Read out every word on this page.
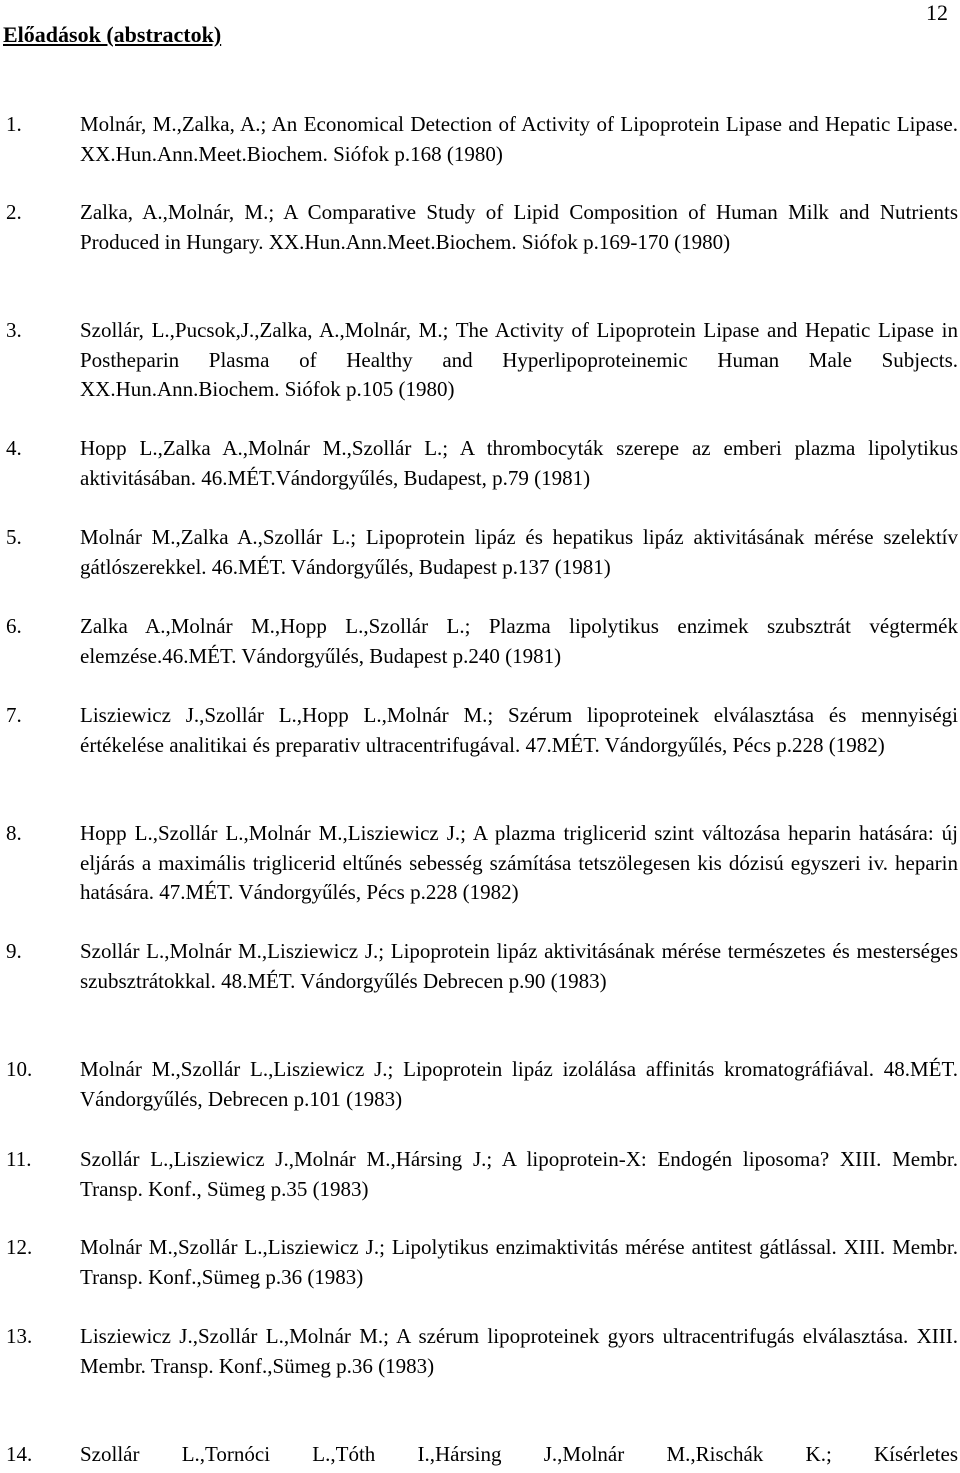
12
Előadások (abstractok)
1.	Molnár, M.,Zalka, A.; An Economical Detection of Activity of Lipoprotein Lipase and Hepatic Lipase. XX.Hun.Ann.Meet.Biochem. Siófok p.168 (1980)
2.	Zalka, A.,Molnár, M.; A Comparative Study of Lipid Composition of Human Milk and Nutrients Produced in Hungary. XX.Hun.Ann.Meet.Biochem. Siófok p.169-170 (1980)
3.	Szollár, L.,Pucsok,J.,Zalka, A.,Molnár, M.; The Activity of Lipoprotein Lipase and Hepatic Lipase in Postheparin Plasma of Healthy and Hyperlipoproteinemic Human Male Subjects. XX.Hun.Ann.Biochem. Siófok p.105 (1980)
4.	Hopp L.,Zalka A.,Molnár M.,Szollár L.; A thrombocyták szerepe az emberi plazma lipolytikus aktivitásában. 46.MÉT.Vándorgyűlés, Budapest, p.79 (1981)
5.	Molnár M.,Zalka A.,Szollár L.; Lipoprotein lipáz és hepatikus lipáz aktivitásának mérése szelektív gátlószerekkel. 46.MÉT. Vándorgyűlés, Budapest p.137 (1981)
6.	Zalka A.,Molnár M.,Hopp L.,Szollár L.; Plazma lipolytikus enzimek szubsztrát végtermék elemzése.46.MÉT. Vándorgyűlés, Budapest p.240 (1981)
7.	Lisziewicz J.,Szollár L.,Hopp L.,Molnár M.; Szérum lipoproteinek elválasztása és mennyiségi értékelése analitikai és preparativ ultracentrifugával. 47.MÉT. Vándorgyűlés, Pécs p.228 (1982)
8.	Hopp L.,Szollár L.,Molnár M.,Lisziewicz J.; A plazma triglicerid szint változása heparin hatására: új eljárás a maximális triglicerid eltűnés sebesség számítása tetszölegesen kis dózisú egyszeri iv. heparin hatására. 47.MÉT. Vándorgyűlés, Pécs p.228 (1982)
9.	Szollár L.,Molnár M.,Lisziewicz J.; Lipoprotein lipáz aktivitásának mérése természetes és mesterséges szubsztrátokkal. 48.MÉT. Vándorgyűlés Debrecen p.90 (1983)
10. Molnár M.,Szollár L.,Lisziewicz J.; Lipoprotein lipáz izolálása affinitás kromatográfiával. 48.MÉT. Vándorgyűlés, Debrecen p.101 (1983)
11. Szollár L.,Lisziewicz J.,Molnár M.,Hársing J.; A lipoprotein-X: Endogén liposoma? XIII. Membr. Transp. Konf., Sümeg p.35 (1983)
12. Molnár M.,Szollár L.,Lisziewicz J.; Lipolytikus enzimaktivitás mérése antitest gátlással. XIII. Membr. Transp. Konf.,Sümeg p.36 (1983)
13. Lisziewicz J.,Szollár L.,Molnár M.; A szérum lipoproteinek gyors ultracentrifugás elválasztása. XIII. Membr. Transp. Konf.,Sümeg p.36 (1983)
14. Szollár L.,Tornóci L.,Tóth I.,Hársing J.,Molnár M.,Rischák K.; Kísérletes
